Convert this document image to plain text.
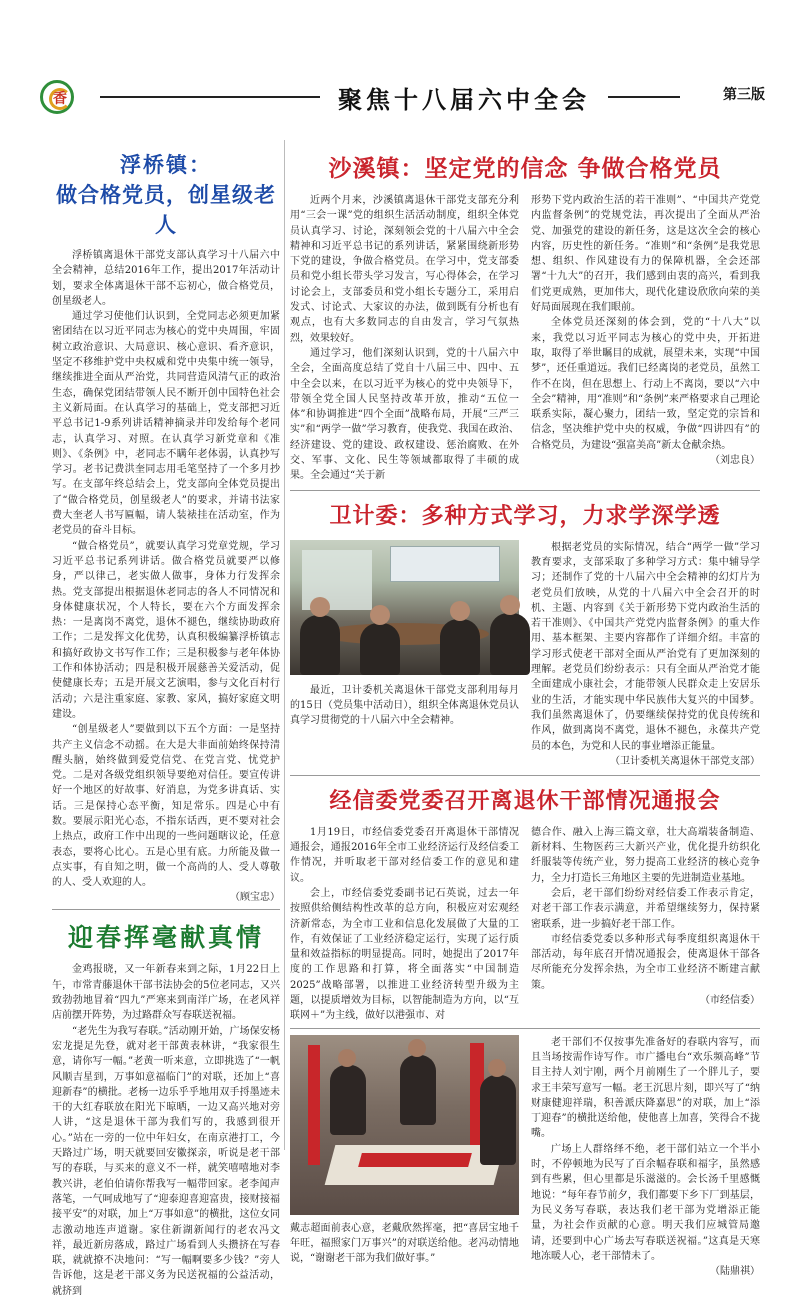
香	聚焦十八届六中全会	第三版
浮桥镇：
做合格党员，创星级老人

浮桥镇离退休干部党支部认真学习十八届六中全会精神，总结2016年工作，提出2017年活动计划，要求全体离退休干部不忘初心，做合格党员，创星级老人。

通过学习使他们认识到，全党同志必须更加紧密团结在以习近平同志为核心的党中央周围，牢固树立政治意识、大局意识、核心意识、看齐意识，坚定不移维护党中央权威和党中央集中统一领导，继续推进全面从严治党，共同营造风清气正的政治生态，确保党团结带领人民不断开创中国特色社会主义新局面。在认真学习的基础上，党支部把习近平总书记1-9系列讲话精神摘录并印发给每个老同志，认真学习、对照。在认真学习新党章和《准则》、《条例》中，老同志不瞒年老体弱，认真抄写学习。老书记费洪奎同志用毛笔坚持了一个多月抄写。在支部年终总结会上，党支部向全体党员提出了“做合格党员，创星级老人”的要求，并请书法家费大奎老人书写匾幅，请人装裱挂在活动室，作为老党员的奋斗目标。

“做合格党员”，就要认真学习党章党规，学习习近平总书记系列讲话。做合格党员就要严以修身，严以律己，老实做人做事，身体力行发挥余热。党支部提出根据退休老同志的各人不同情况和身体健康状况，个人特长，要在六个方面发挥余热：一是离岗不离党，退休不褪色，继续协助政府工作；二是发挥文化优势，认真积极编纂浮桥镇志和搞好政协文书写作工作；三是积极参与老年体协工作和体协活动；四是积极开展慈善关爱活动，促使健康长寿；五是开展文艺演唱，参与文化百村行活动；六是注重家庭、家教、家风，搞好家庭文明建设。

“创星级老人”要做到以下五个方面：一是坚持共产主义信念不动摇。在大是大非面前始终保持清醒头脑，始终做到爱党信党、在党言党、忧党护党。二是对各级党组织领导要绝对信任。要宣传讲好一个地区的好故事、好消息，为党多讲真话、实话。三是保持心态平衡，知足常乐。四是心中有数。要展示阳光心态，不指东话西，更不要对社会上热点，政府工作中出现的一些问题瞎议论，任意表态，要将心比心。五是心里有底。力所能及做一点实事，有自知之明，做一个高尚的人、受人尊敬的人、受人欢迎的人。

（顾宝忠）
迎春挥毫献真情

金鸡报晓，又一年新春来到之际，1月22日上午，市常青藤退休干部书法协会的5位老同志，又兴致勃勃地冒着“四九”严寒来到南洋广场，在老风祥店前摆开阵势，为过路群众写春联送祝福。

“老先生为我写春联。”活动刚开始，广场保安杨宏龙提足先登，就对老干部黄表林讲，“我家很生意，请你写一幅。”老黄一听来意，立即挑选了“一帆风顺吉星到，万事如意福临门”的对联，还加上“喜迎新春”的横批。老杨一边乐乎乎地用双手捋墨迹未干的大红春联放在阳光下晾晒，一边又高兴地对旁人讲，“这是退休干部为我们写的，我感到很开心。”站在一旁的一位中年妇女，在南京港打工，今天路过广场，明天就要回安徽探亲，听说是老干部写的春联，与买来的意义不一样，就笑嘻嘻地对李教兴讲，老伯伯请你帮我写一幅带回家。老李闻声落笔，一气呵成地写了“迎泰迎喜迎富贵，接财接福接平安”的对联，加上“万事如意”的横批，这位女同志激动地连声道谢。家住新湖新闻行的老农冯文祥，最近新房落成，路过广场看到人头攒挤在写春联，就就撩不决地问：“写一幅啊要多少钱？”旁人告诉他，这是老干部义务为民送祝福的公益活动，就挤到

沙溪镇：坚定党的信念 争做合格党员

近两个月来，沙溪镇离退休干部党支部充分利用“三会一课”党的组织生活活动制度，组织全体党员认真学习、讨论，深刻领会党的十八届六中全会精神和习近平总书记的系列讲话，紧紧围绕新形势下党的建设，争做合格党员。在学习中，党支部委员和党小组长带头学习发言，写心得体会，在学习讨论会上，支部委员和党小组长专题分工，采用启发式、讨论式、大家议的办法，做到既有分析也有观点，也有大多数同志的自由发言，学习气氛热烈，效果较好。

通过学习，他们深刻认识到，党的十八届六中全会，全面高度总结了党自十八届三中、四中、五中全会以来，在以习近平为核心的党中央领导下，带领全党全国人民坚持改革开放，推动“五位一体”和协调推进“四个全面”战略布局，开展“三严三实”和“两学一做”学习教育，使我党、我国在政治、经济建设、党的建设、政权建设、惩治腐败、在外交、军事、文化、民生等领域都取得了丰硕的成果。全会通过“关于新

形势下党内政治生活的若干准则”、“中国共产党党内监督条例”的党规党法，再次提出了全面从严治党、加强党的建设的新任务，这是这次全会的核心内容，历史性的新任务。“准则”和“条例”是我党思想、组织、作风建设有力的保障机器，全会还部署“十九大”的召开，我们感到由衷的高兴，看到我们党更成熟，更加伟大，现代化建设欣欣向荣的美好局面展现在我们眼前。

全体党员还深刻的体会到，党的“十八大”以来，我党以习近平同志为核心的党中央，开拓进取，取得了举世瞩目的成就，展望未来，实现“中国梦”，还任重道远。我们已经离岗的老党员，虽然工作不在岗，但在思想上、行动上不离岗，要以“六中全会”精神，用“准则”和“条例”来严格要求自己理论联系实际，凝心聚力，团结一致，坚定党的宗旨和信念，坚决维护党中央的权威，争做“四讲四有”的合格党员，为建设“强富美高”新太仓献余热。

（刘忠良）
卫计委：多种方式学习，力求学深学透

最近，卫计委机关离退休干部党支部利用每月的15日（党员集中活动日），组织全体离退休党员认真学习贯彻党的十八届六中全会精神。

根据老党员的实际情况，结合“两学一做”学习教育要求，支部采取了多种学习方式：集中辅导学习；还制作了党的十八届六中全会精神的幻灯片为老党员们放映，从党的十八届六中全会召开的时机、主题、内容到《关于新形势下党内政治生活的若干准则》、《中国共产党党内监督条例》的重大作用、基本框架、主要内容都作了详细介绍。丰富的学习形式使老干部对全面从严治党有了更加深刻的理解。老党员们纷纷表示：只有全面从严治党才能全面建成小康社会，才能带领人民群众走上安居乐业的生活，才能实现中华民族伟大复兴的中国梦。我们虽然离退休了，仍要继续保持党的优良传统和作风，做到离岗不离党，退休不褪色，永葆共产党员的本色，为党和人民的事业增添正能量。

（卫计委机关离退休干部党支部）
经信委党委召开离退休干部情况通报会

1月19日，市经信委党委召开离退休干部情况通报会，通报2016年全市工业经济运行及经信委工作情况，并听取老干部对经信委工作的意见和建议。

会上，市经信委党委副书记石英说，过去一年按照供给侧结构性改革的总方向，积极应对宏观经济新常态，为全市工业和信息化发展做了大量的工作，有效保证了工业经济稳定运行，实现了运行质量和效益指标的明显提高。同时，她提出了2017年度的工作思路和打算，将全面落实“中国制造2025”战略部署，以推进工业经济转型升级为主题，以提质增效为目标，以智能制造为方向，以“互联网＋”为主线，做好以港强市、对

德合作、融入上海三篇文章，壮大高端装备制造、新材料、生物医药三大新兴产业，优化提升纺织化纤服装等传统产业，努力提高工业经济的核心竞争力，全力打造长三角地区主要的先进制造业基地。

会后，老干部们纷纷对经信委工作表示肯定，对老干部工作表示满意，并希望继续努力，保持紧密联系，进一步搞好老干部工作。

市经信委党委以多种形式每季度组织离退休干部活动，每年底召开情况通报会，使离退休干部各尽所能充分发挥余热，为全市工业经济不断建言献策。

（市经信委）

戴志超面前表心意，老戴欣然挥毫，把“喜居宝地千年旺，福照家门万事兴”的对联送给他。老冯动情地说，“谢谢老干部为我们做好事。”

老干部们不仅按事先准备好的春联内容写，而且当场按需作诗写作。市广播电台“欢乐频高峰”节目主持人刘宁刚，两个月前刚生了一个胖儿子，要求王丰荣写意写一幅。老王沉思片刻，即兴写了“纳财康健迎祥瑞，积善派庆降嘉思”的对联，加上“添丁迎春”的横批送给他，使他喜上加喜，笑得合不拢嘴。

广场上人群络绎不绝，老干部们站立一个半小时，不停顿地为民写了百余幅春联和福字，虽然感到有些累，但心里都是乐滋滋的。会长汤千里感慨地说：“每年春节前夕，我们都要下乡下厂到基层，为民义务写春联，表达我们老干部为党增添正能量，为社会作贡献的心意。明天我们应城管局邀请，还要到中心广场去写春联送祝福。”这真是天寒地冻暖人心，老干部情未了。

（陆鼎祺）
